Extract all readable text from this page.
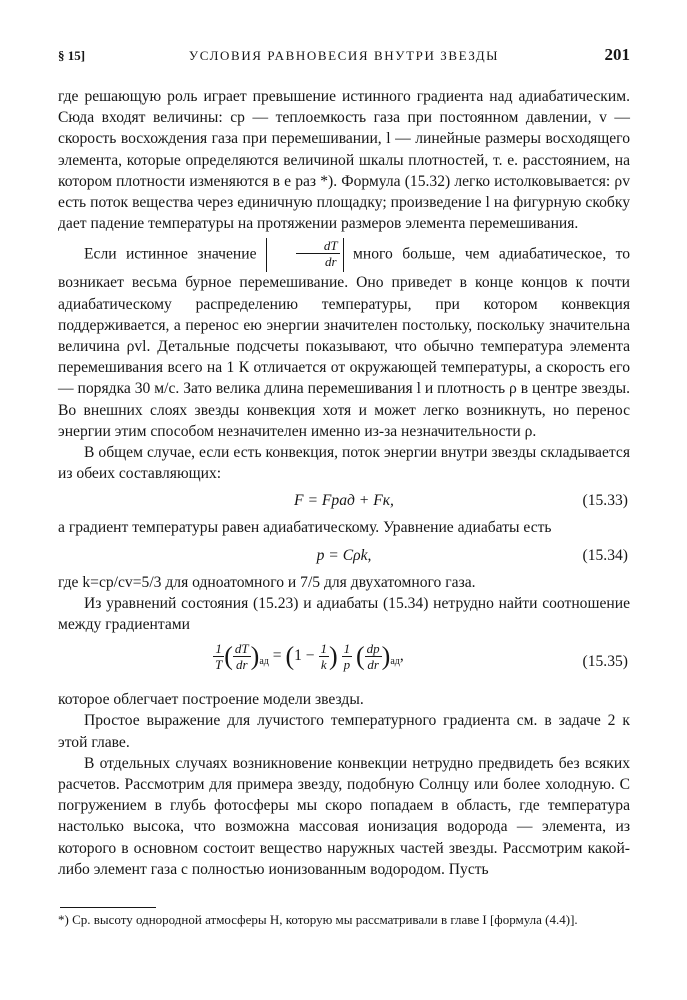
§ 15]	УСЛОВИЯ РАВНОВЕСИЯ ВНУТРИ ЗВЕЗДЫ	201

где решающую роль играет превышение истинного градиента над адиабатическим. Сюда входят величины: cp — теплоемкость газа при постоянном давлении, v — скорость восхождения газа при перемешивании, l — линейные размеры восходящего элемента, которые определяются величиной шкалы плотностей, т. е. расстоянием, на котором плотности изменяются в e раз *). Формула (15.32) легко истолковывается: ρv есть поток вещества через единичную площадку; произведение l на фигурную скобку дает падение температуры на протяжении размеров элемента перемешивания.

Если истинное значение	$\frac{dT}{dr}$ много больше, чем адиабатическое, то возникает весьма бурное перемешивание. Оно приведет в конце концов к почти адиабатическому распределению температуры, при котором конвекция поддерживается, а перенос ею энергии значителен постольку, поскольку значительна величина ρvl. Детальные подсчеты показывают, что обычно температура элемента перемешивания всего на 1 К отличается от окружающей температуры, а скорость его — порядка 30 м/с. Зато велика длина перемешивания l и плотность ρ в центре звезды. Во внешних слоях звезды конвекция хотя и может легко возникнуть, но перенос энергии этим способом незначителен именно из-за незначительности ρ.

В общем случае, если есть конвекция, поток энергии внутри звезды складывается из обеих составляющих:

F = Fрад + Fк,	(15.33)

а градиент температуры равен адиабатическому. Уравнение адиабаты есть

p = Cρk,	(15.34)

где k=cp/cv=5/3 для одноатомного и 7/5 для двухатомного газа.

Из уравнений состояния (15.23) и адиабаты (15.34) нетрудно найти соотношение между градиентами

$\frac{1}{T}$ ( $\frac{dT}{dr} )_{ад} = (1 - \frac{1}{k}$ ) $\frac{1}{p}$ ( $\frac{dp}{dr} )_{ад}$,	(15.35)

которое облегчает построение модели звезды.

Простое выражение для лучистого температурного градиента см. в задаче 2 к этой главе.

В отдельных случаях возникновение конвекции нетрудно предвидеть без всяких расчетов. Рассмотрим для примера звезду, подобную Солнцу или более холодную. С погружением в глубь фотосферы мы скоро попадаем в область, где температура настолько высока, что возможна массовая ионизация водорода — элемента, из которого в основном состоит вещество наружных частей звезды. Рассмотрим какой-либо элемент газа с полностью ионизованным водородом. Пусть

*) Ср. высоту однородной атмосферы H, которую мы рассматривали в главе I [формула (4.4)].
